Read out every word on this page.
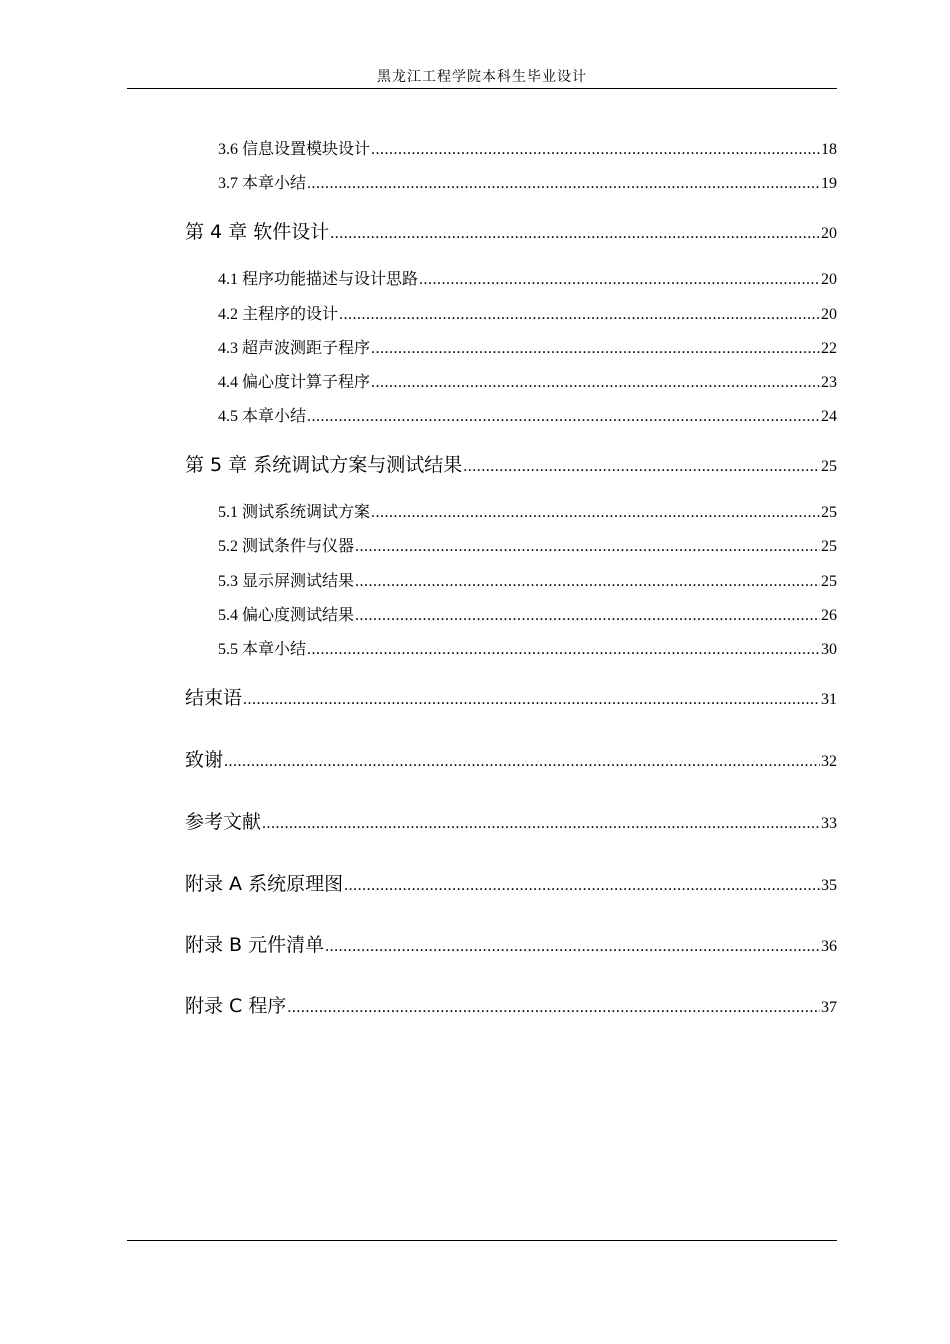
黑龙江工程学院本科生毕业设计
3.6 信息设置模块设计 .....	18
3.7 本章小结 .....	19
第 4 章 软件设计 .....	20
4.1 程序功能描述与设计思路 .....	20
4.2 主程序的设计 .....	20
4.3 超声波测距子程序 .....	22
4.4 偏心度计算子程序 .....	23
4.5 本章小结 .....	24
第 5 章 系统调试方案与测试结果 .....	25
5.1 测试系统调试方案 .....	25
5.2 测试条件与仪器 .....	25
5.3 显示屏测试结果 .....	25
5.4 偏心度测试结果 .....	26
5.5 本章小结 .....	30
结束语 .....	31
致谢 .....	32
参考文献 .....	33
附录 A 系统原理图 .....	35
附录 B 元件清单 .....	36
附录 C 程序 .....	37
